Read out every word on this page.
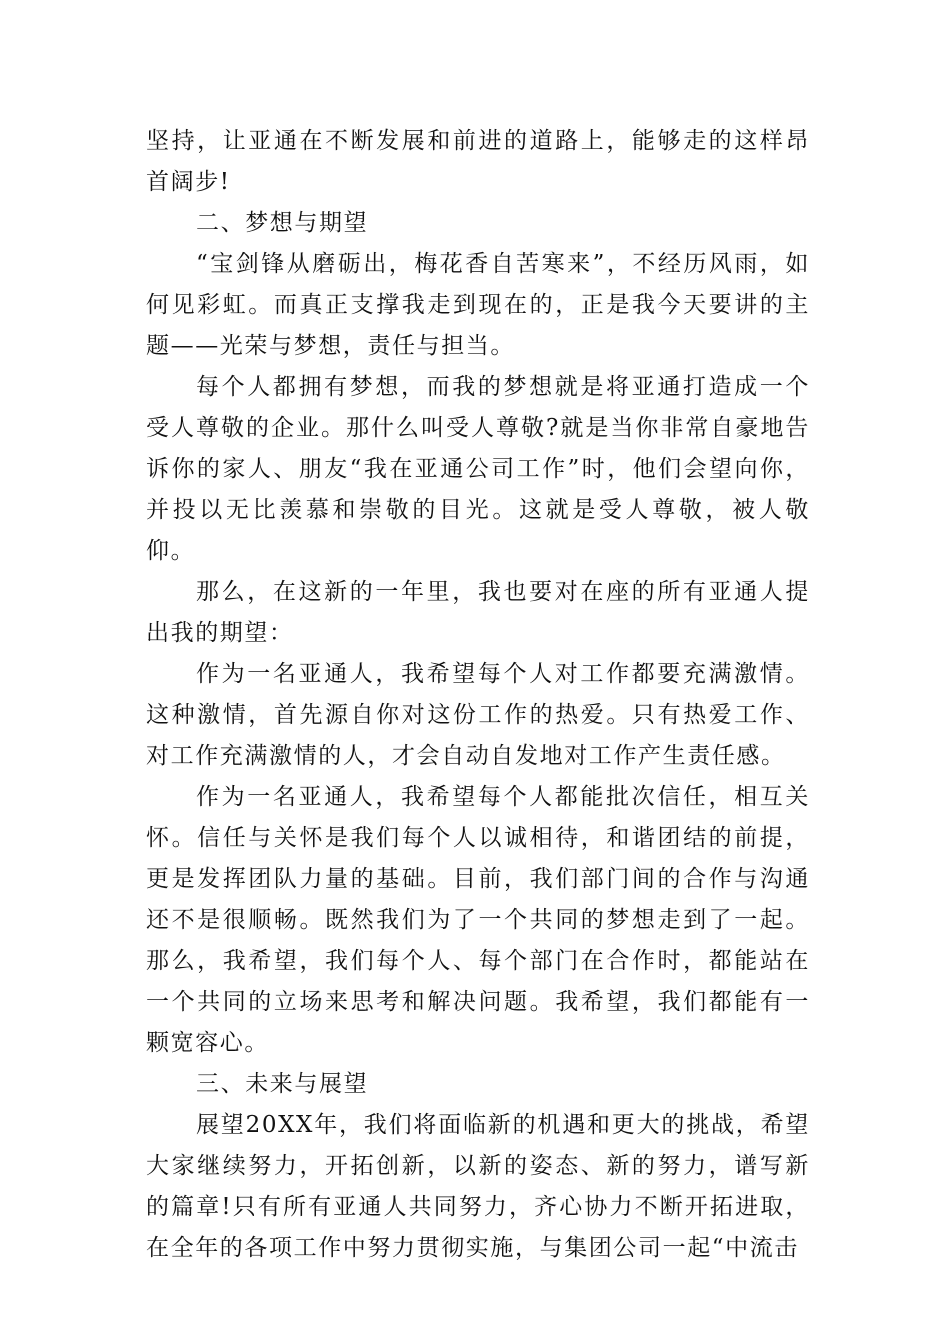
坚持，让亚通在不断发展和前进的道路上，能够走的这样昂首阔步!

二、梦想与期望

“宝剑锋从磨砺出，梅花香自苦寒来”，不经历风雨，如何见彩虹。而真正支撑我走到现在的，正是我今天要讲的主题——光荣与梦想，责任与担当。

每个人都拥有梦想，而我的梦想就是将亚通打造成一个受人尊敬的企业。那什么叫受人尊敬?就是当你非常自豪地告诉你的家人、朋友“我在亚通公司工作”时，他们会望向你，并投以无比羡慕和崇敬的目光。这就是受人尊敬，被人敬仰。

那么，在这新的一年里，我也要对在座的所有亚通人提出我的期望：

作为一名亚通人，我希望每个人对工作都要充满激情。这种激情，首先源自你对这份工作的热爱。只有热爱工作、对工作充满激情的人，才会自动自发地对工作产生责任感。

作为一名亚通人，我希望每个人都能批次信任，相互关怀。信任与关怀是我们每个人以诚相待，和谐团结的前提，更是发挥团队力量的基础。目前，我们部门间的合作与沟通还不是很顺畅。既然我们为了一个共同的梦想走到了一起。那么，我希望，我们每个人、每个部门在合作时，都能站在一个共同的立场来思考和解决问题。我希望，我们都能有一颗宽容心。

三、未来与展望

展望20XX年，我们将面临新的机遇和更大的挑战，希望大家继续努力，开拓创新，以新的姿态、新的努力，谱写新的篇章!只有所有亚通人共同努力，齐心协力不断开拓进取，在全年的各项工作中努力贯彻实施，与集团公司一起“中流击
